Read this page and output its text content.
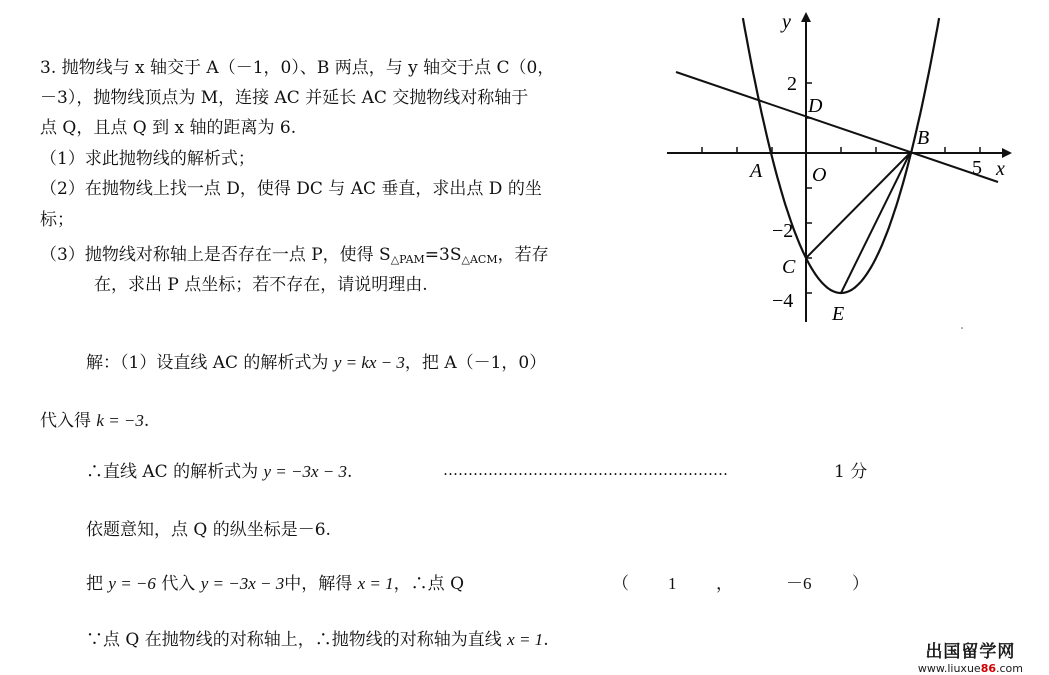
3. 抛物线与 x 轴交于 A（－1，0）、B 两点，与 y 轴交于点 C（0，
－3），抛物线顶点为 M，连接 AC 并延长 AC 交抛物线对称轴于
点 Q，且点 Q 到 x 轴的距离为 6.
（1）求此抛物线的解析式；
（2）在抛物线上找一点 D，使得 DC 与 AC 垂直，求出点 D 的坐
标；
（3）抛物线对称轴上是否存在一点 P，使得 $S_{\triangle PAM}=3S_{\triangle ACM}$，若存
在，求出 P 点坐标；若不存在，请说明理由.
解：（1）设直线 AC 的解析式为 y = kx − 3，把 A（－1，0）
代入得 k = −3.
∴直线 AC 的解析式为 y = −3x − 3.	…………………………………………………	1 分
依题意知，点 Q 的纵坐标是－6.
把 y = −6 代入 y = −3x − 3中，解得 x = 1，∴点 Q	（ 1 ，	－6 ）
∵点 Q 在抛物线的对称轴上，∴抛物线的对称轴为直线 x = 1.
y
x
O
2
5
−2
−4
A
B
C
D
E
出国留学网
www.liuxue86.com
